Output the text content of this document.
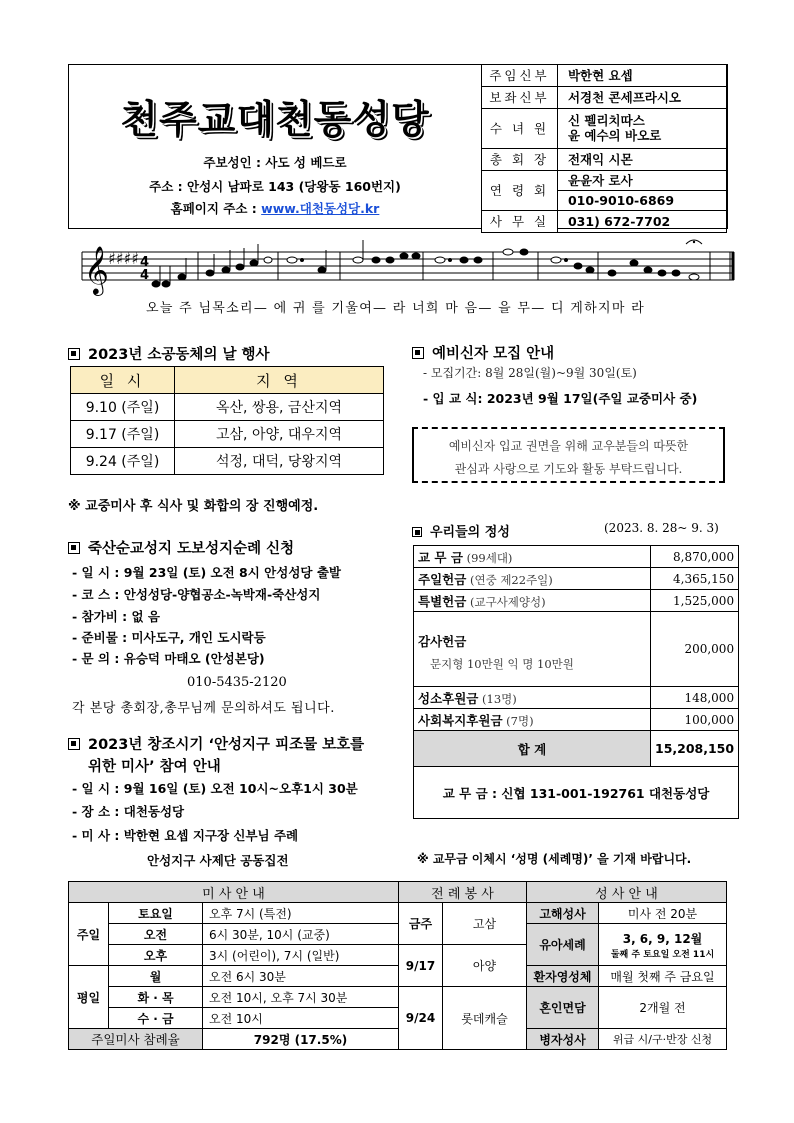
천주교대천동성당
주보성인 : 사도 성 베드로
주소 : 안성시 남파로 143 (당왕동 160번지)
홈페이지 주소 : www.대천동성당.kr
주임신부	박한현 요셉
보좌신부	서경천 콘세프라시오
수 녀 원	신 펠리치따스
윤 예수의 바오로

총 회 장	전재익 시몬
연 령 회	윤윤자 로사
010-9010-6869

사 무 실	031) 672-7702
𝄞 ♯♯♯♯ 4
4
오늘 주 님목소리— 에 귀 를 기울여— 라 너희 마 음— 을 무— 디 게하지마 라
2023년 소공동체의 날 행사
일 시	지 역
9.10 (주일)	옥산, 쌍용, 금산지역
9.17 (주일)	고삼, 아양, 대우지역
9.24 (주일)	석정, 대덕, 당왕지역
※ 교중미사 후 식사 및 화합의 장 진행예정.
죽산순교성지 도보성지순례 신청
- 일 시 : 9월 23일 (토) 오전 8시 안성성당 출발
- 코 스 : 안성성당-양협공소-녹박재-죽산성지
- 참가비 : 없 음
- 준비물 : 미사도구, 개인 도시락등
- 문 의 : 유승덕 마태오 (안성본당)
010-5435-2120
각 본당 총회장,총무님께 문의하셔도 됩니다.
2023년 창조시기 ‘안성지구 피조물 보호를
위한 미사’ 참여 안내
- 일 시 : 9월 16일 (토) 오전 10시~오후1시 30분
- 장 소 : 대천동성당
- 미 사 : 박한현 요셉 지구장 신부님 주례
안성지구 사제단 공동집전
예비신자 모집 안내
- 모집기간: 8월 28일(월)~9월 30일(토)
- 입 교 식: 2023년 9월 17일(주일 교중미사 중)
예비신자 입교 권면을 위해 교우분들의 따뜻한
관심과 사랑으로 기도와 활동 부탁드립니다.
우리들의 정성	(2023. 8. 28~ 9. 3)
교 무 금 (99세대)	8,870,000
주일헌금 (연중 제22주일)	4,365,150
특별헌금 (교구사제양성)	1,525,000

감사헌금
문지형 10만원 익 명 10만원	200,000
성소후원금 (13명)	148,000
사회복지후원금 (7명)	100,000
합 계	15,208,150
교 무 금 : 신협 131-001-192761 대천동성당	
※ 교무금 이체시 ‘성명 (세례명)’ 을 기재 바랍니다.
미 사 안 내			전 례 봉 사		성 사 안 내	
주일	토요일	오후 7시 (특전)	금주	고삼	고해성사	미사 전 20분
	오전	6시 30분, 10시 (교중)			유아세례	3, 6, 9, 12월
둘째 주 토요일 오전 11시

	오후	3시 (어린이), 7시 (일반)	9/17	아양		
평일	월	오전 6시 30분			환자영성체	매월 첫째 주 금요일
	화 · 목	오전 10시, 오후 7시 30분	9/24	롯데캐슬	혼인면담	2개월 전
	수 · 금	오전 10시				
주일미사 참례율		792명 (17.5%)			병자성사	위급 시/구·반장 신청
